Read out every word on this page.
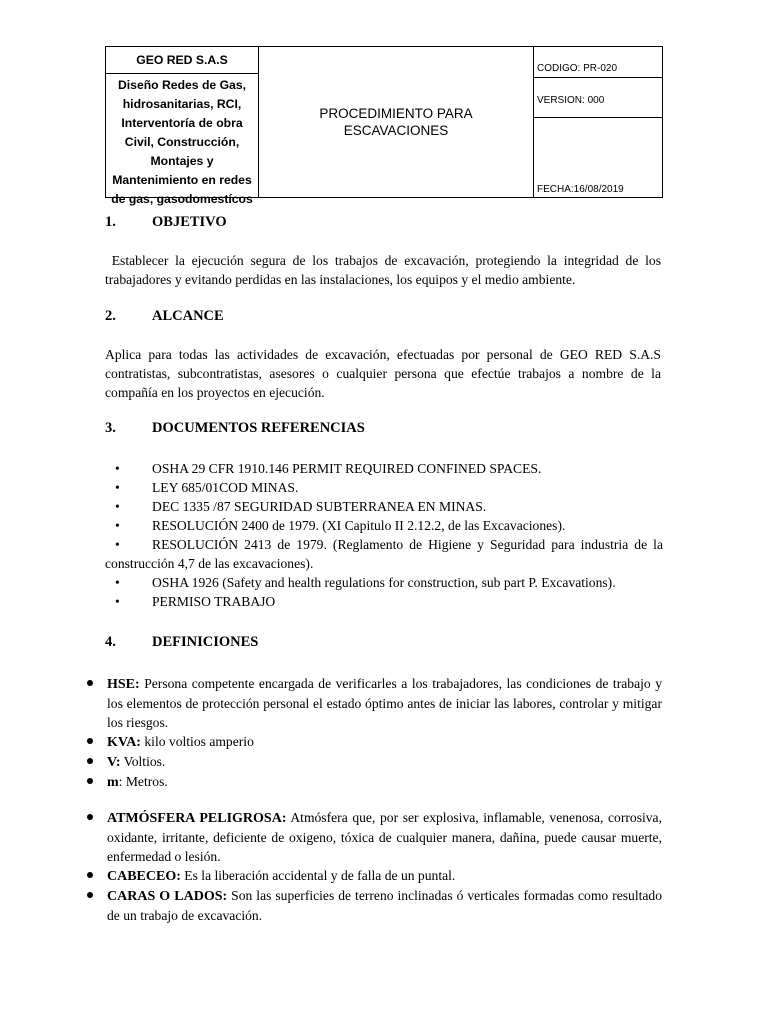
GEO RED S.A.S
Diseño Redes de Gas,
hidrosanitarias, RCI,
Interventoría de obra
Civil, Construcción,
Montajes y
Mantenimiento en redes
de gas, gasodomestícos
PROCEDIMIENTO PARA
ESCAVACIONES
CODIGO: PR-020
VERSION: 000
FECHA:16/08/2019
1. OBJETIVO
Establecer la ejecución segura de los trabajos de excavación, protegiendo la integridad de los trabajadores y evitando perdidas en las instalaciones, los equipos y el medio ambiente.
2. ALCANCE
Aplica para todas las actividades de excavación, efectuadas por personal de GEO RED S.A.S contratistas, subcontratistas, asesores o cualquier persona que efectúe trabajos a nombre de la compañía en los proyectos en ejecución.
3. DOCUMENTOS REFERENCIAS
• OSHA 29 CFR 1910.146 PERMIT REQUIRED CONFINED SPACES.
• LEY 685/01COD MINAS.
• DEC 1335 /87 SEGURIDAD SUBTERRANEA EN MINAS.
• RESOLUCIÓN 2400 de 1979. (XI Capitulo II 2.12.2, de las Excavaciones).
• RESOLUCIÓN 2413 de 1979. (Reglamento de Higiene y Seguridad para industria de la construcción 4,7 de las excavaciones).
• OSHA 1926 (Safety and health regulations for construction, sub part P. Excavations).
• PERMISO TRABAJO
4. DEFINICIONES
HSE: Persona competente encargada de verificarles a los trabajadores, las condiciones de trabajo y los elementos de protección personal el estado óptimo antes de iniciar las labores, controlar y mitigar los riesgos.
KVA: kilo voltios amperio
V: Voltios.
m: Metros.
ATMÓSFERA PELIGROSA: Atmósfera que, por ser explosiva, inflamable, venenosa, corrosiva, oxidante, irritante, deficiente de oxigeno, tóxica de cualquier manera, dañina, puede causar muerte, enfermedad o lesión.
CABECEO: Es la liberación accidental y de falla de un puntal.
CARAS O LADOS: Son las superficies de terreno inclinadas ó verticales formadas como resultado de un trabajo de excavación.
